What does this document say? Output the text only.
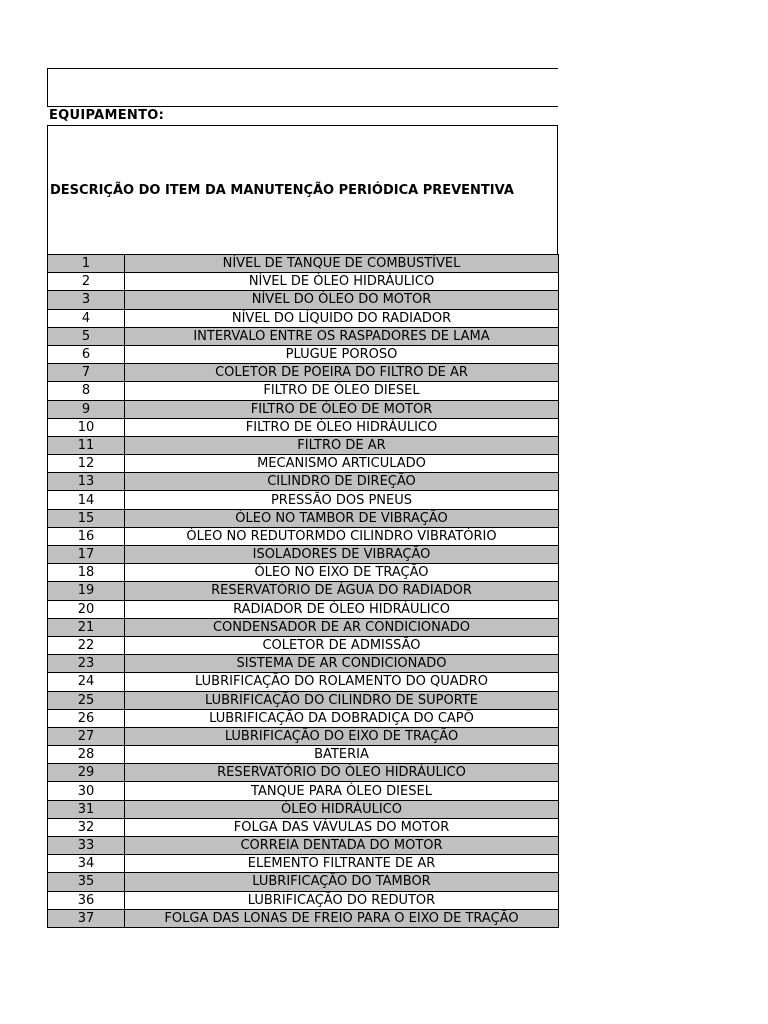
EQUIPAMENTO:
DESCRIÇÃO DO ITEM DA MANUTENÇÃO PERIÓDICA PREVENTIVA
1	NÍVEL DE TANQUE DE COMBUSTÍVEL
2	NÍVEL DE ÓLEO HIDRÁULICO
3	NÍVEL DO ÓLEO DO MOTOR
4	NÍVEL DO LÍQUIDO DO RADIADOR
5	INTERVALO ENTRE OS RASPADORES DE LAMA
6	PLUGUE POROSO
7	COLETOR DE POEIRA DO FILTRO DE AR
8	FILTRO DE ÓLEO DIESEL
9	FILTRO DE ÓLEO DE MOTOR
10	FILTRO DE ÓLEO HIDRÁULICO
11	FILTRO DE AR
12	MECANISMO ARTICULADO
13	CILINDRO DE DIREÇÃO
14	PRESSÃO DOS PNEUS
15	ÓLEO NO TAMBOR DE VIBRAÇÃO
16	ÓLEO NO REDUTORMDO CILINDRO VIBRATÓRIO
17	ISOLADORES DE VIBRAÇÃO
18	ÓLEO NO EIXO DE TRAÇÃO
19	RESERVATÓRIO DE ÁGUA DO RADIADOR
20	RADIADOR DE ÓLEO HIDRÁULICO
21	CONDENSADOR DE AR CONDICIONADO
22	COLETOR DE ADMISSÃO
23	SISTEMA DE AR CONDICIONADO
24	LUBRIFICAÇÃO DO ROLAMENTO DO QUADRO
25	LUBRIFICAÇÃO DO CILINDRO DE SUPORTE
26	LUBRIFICAÇÃO DA DOBRADIÇA DO CAPÔ
27	LUBRIFICAÇÃO DO EIXO DE TRAÇÃO
28	BATERIA
29	RESERVATÓRIO DO ÓLEO HIDRÁULICO
30	TANQUE PARA ÓLEO DIESEL
31	ÓLEO HIDRÁULICO
32	FOLGA DAS VÁVULAS DO MOTOR
33	CORREIA DENTADA DO MOTOR
34	ELEMENTO FILTRANTE DE AR
35	LUBRIFICAÇÃO DO TAMBOR
36	LUBRIFICAÇÃO DO REDUTOR
37	FOLGA DAS LONAS DE FREIO PARA O EIXO DE TRAÇÃO
